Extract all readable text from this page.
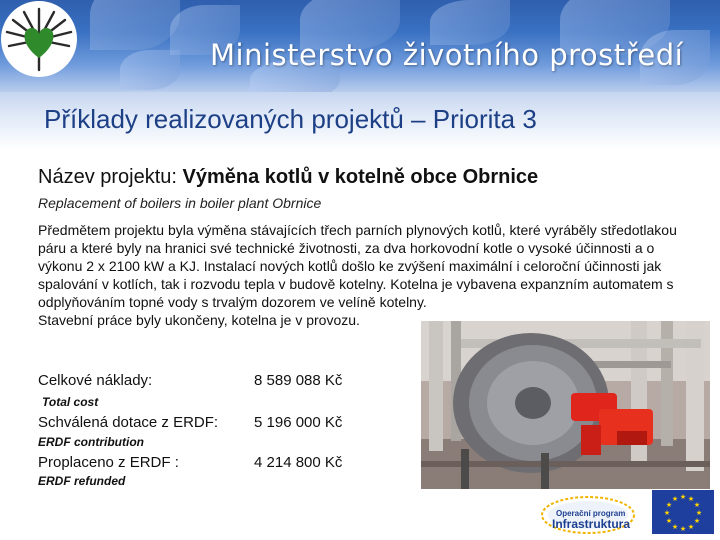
Ministerstvo životního prostředí
Příklady realizovaných projektů – Priorita 3
Název projektu: Výměna kotlů v kotelně obce Obrnice
Replacement of boilers in boiler plant Obrnice

Předmětem projektu byla výměna stávajících třech parních plynových kotlů, které vyráběly středotlakou páru a které byly na hranici své technické životnosti, za dva horkovodní kotle o vysoké účinnosti a o výkonu 2 x 2100 kW a KJ. Instalací nových kotlů došlo ke zvýšení maximální i celoroční účinnosti jak spalování v kotlích, tak i rozvodu tepla v budově kotelny. Kotelna je vybavena expanzním automatem s odplyňováním topné vody s trvalým dozorem ve velíně kotelny.

Stavební práce byly ukončeny, kotelna je v provozu.

Celkové náklady:	8 589 088 Kč
Total cost
Schválená dotace z ERDF: 5 196 000 Kč
ERDF contribution
Proplaceno z ERDF :	4 214 800 Kč
ERDF refunded
Operační program
Infrastruktura
★ ★
★
★
★
★
★
★
★
★
★
★
